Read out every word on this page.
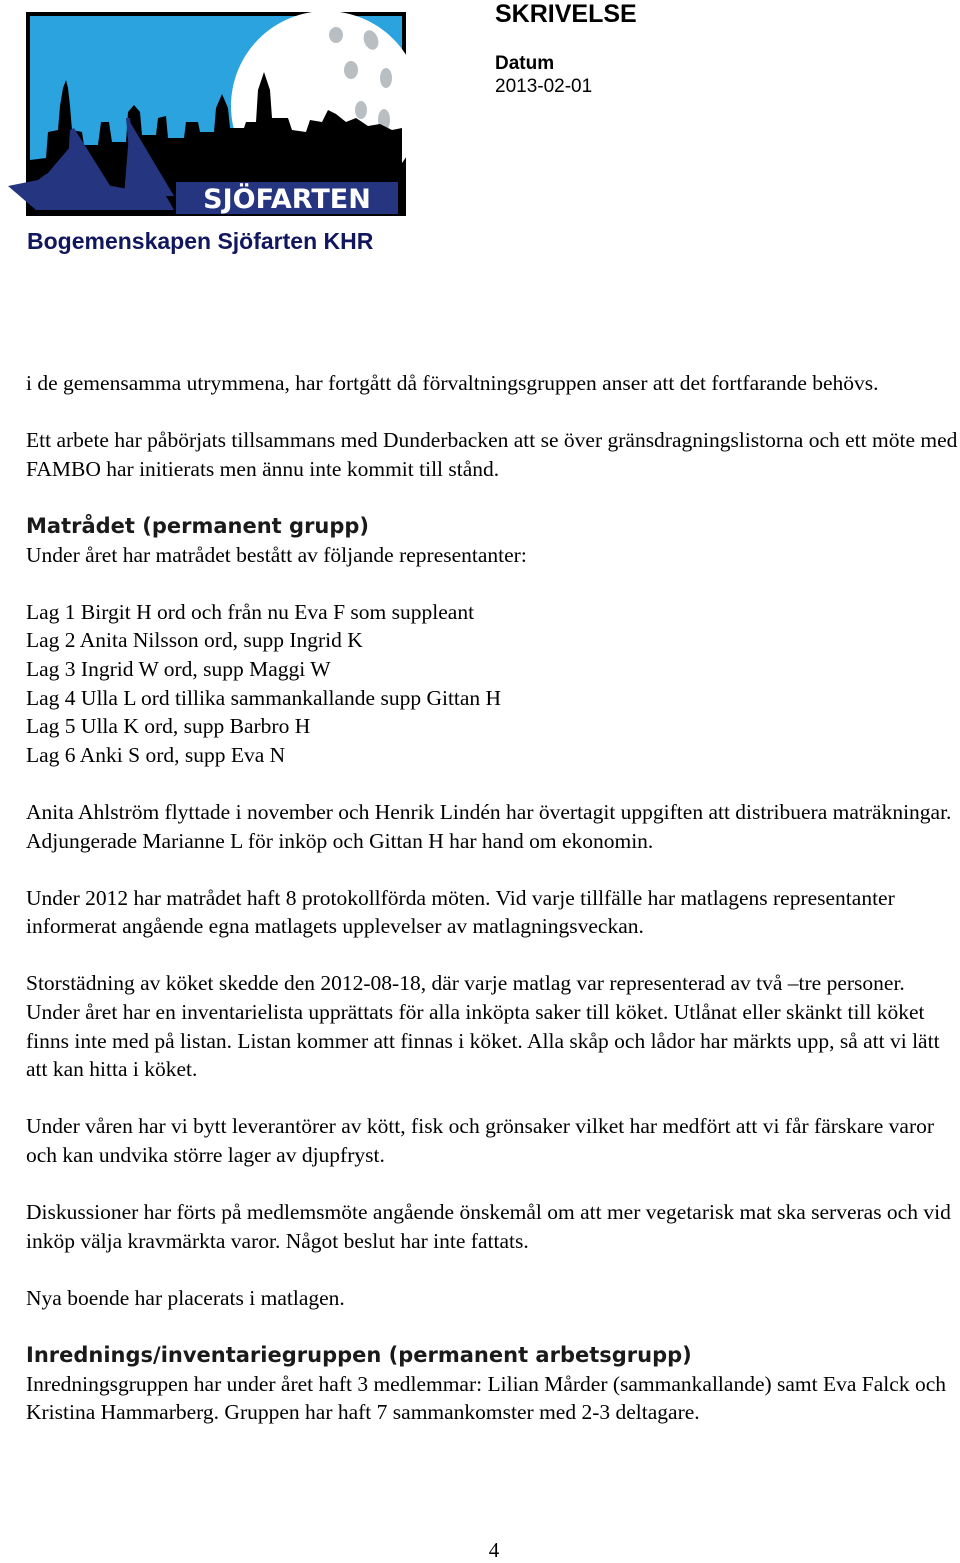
SJÖFARTEN
SKRIVELSE
Datum
2013-02-01
Bogemenskapen Sjöfarten KHR

i de gemensamma utrymmena, har fortgått då förvaltningsgruppen anser att det fortfarande behövs.

Ett arbete har påbörjats tillsammans med Dunderbacken att se över gränsdragningslistorna och ett möte med FAMBO har initierats men ännu inte kommit till stånd.

Matrådet (permanent grupp)

Under året har matrådet bestått av följande representanter:

Lag 1 Birgit H ord och från nu Eva F som suppleant

Lag 2 Anita Nilsson ord, supp Ingrid K

Lag 3 Ingrid W ord, supp Maggi W

Lag 4 Ulla L ord tillika sammankallande supp Gittan H

Lag 5 Ulla K ord, supp Barbro H

Lag 6 Anki S ord, supp Eva N

Anita Ahlström flyttade i november och Henrik Lindén har övertagit uppgiften att distribuera maträkningar. Adjungerade Marianne L för inköp och Gittan H har hand om ekonomin.

Under 2012 har matrådet haft 8 protokollförda möten. Vid varje tillfälle har matlagens representanter informerat angående egna matlagets upplevelser av matlagningsveckan.

Storstädning av köket skedde den 2012-08-18, där varje matlag var representerad av två –tre personer. Under året har en inventarielista upprättats för alla inköpta saker till köket. Utlånat eller skänkt till köket finns inte med på listan. Listan kommer att finnas i köket. Alla skåp och lådor har märkts upp, så att vi lätt att kan hitta i köket.

Under våren har vi bytt leverantörer av kött, fisk och grönsaker vilket har medfört att vi får färskare varor och kan undvika större lager av djupfryst.

Diskussioner har förts på medlemsmöte angående önskemål om att mer vegetarisk mat ska serveras och vid inköp välja kravmärkta varor. Något beslut har inte fattats.

Nya boende har placerats i matlagen.

Inrednings/inventariegruppen (permanent arbetsgrupp)

Inredningsgruppen har under året haft 3 medlemmar: Lilian Mårder (sammankallande) samt Eva Falck och Kristina Hammarberg. Gruppen har haft 7 sammankomster med 2-3 deltagare.

4
